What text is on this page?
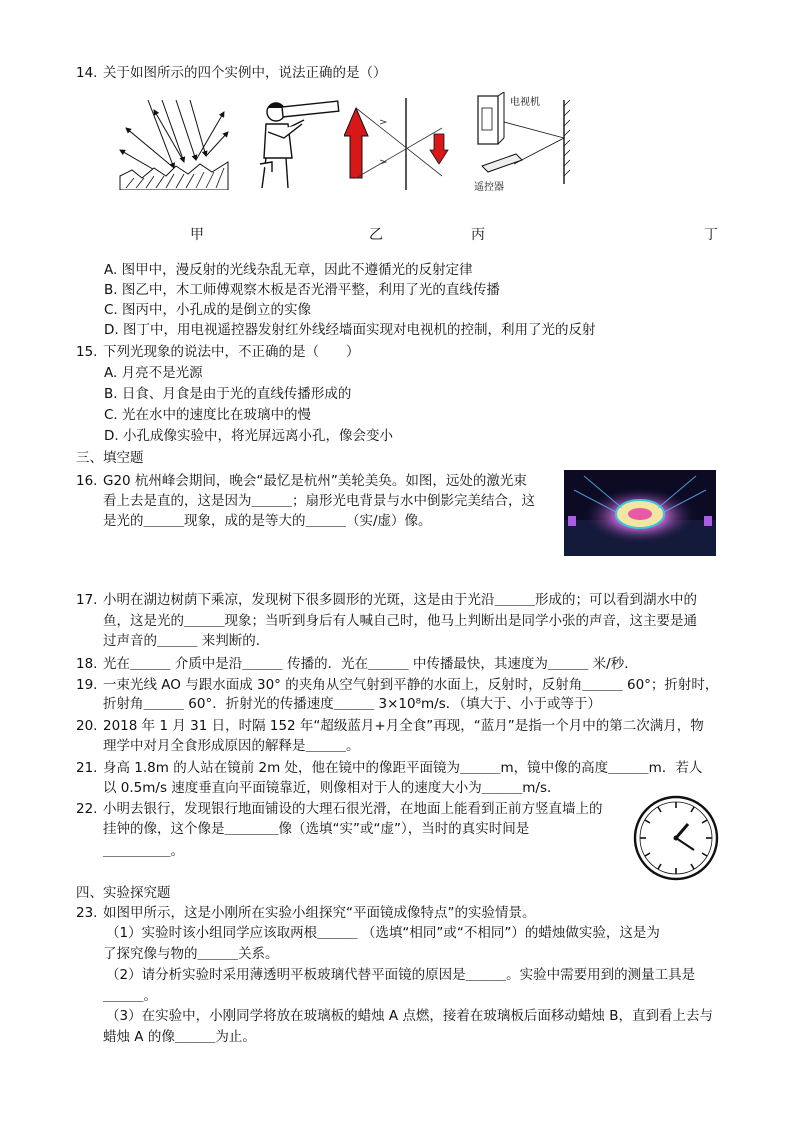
14. 关于如图所示的四个实例中，说法正确的是（）
电视机
遥控器
甲	乙	丙	丁
A. 图甲中，漫反射的光线杂乱无章，因此不遵循光的反射定律
B. 图乙中，木工师傅观察木板是否光滑平整，利用了光的直线传播
C. 图丙中，小孔成的是倒立的实像
D. 图丁中，用电视遥控器发射红外线经墙面实现对电视机的控制，利用了光的反射
15. 下列光现象的说法中，不正确的是（　　）
A. 月亮不是光源
B. 日食、月食是由于光的直线传播形成的
C. 光在水中的速度比在玻璃中的慢
D. 小孔成像实验中，将光屏远离小孔，像会变小
三、填空题
16. G20 杭州峰会期间，晚会“最忆是杭州”美轮美奂。如图，远处的激光束
看上去是直的，这是因为＿＿＿；扇形光电背景与水中倒影完美结合，这
是光的＿＿＿现象，成的是等大的＿＿＿（实/虚）像。
17. 小明在湖边树荫下乘凉，发现树下很多圆形的光斑，这是由于光沿＿＿＿形成的；可以看到湖水中的
鱼，这是光的＿＿＿现象；当听到身后有人喊自己时，他马上判断出是同学小张的声音，这主要是通
过声音的＿＿＿ 来判断的.
18. 光在＿＿＿ 介质中是沿＿＿＿ 传播的．光在＿＿＿ 中传播最快，其速度为＿＿＿ 米/秒．
19. 一束光线 AO 与跟水面成 30° 的夹角从空气射到平静的水面上，反射时，反射角＿＿＿ 60°；折射时，
折射角＿＿＿ 60°．折射光的传播速度＿＿＿ 3×10⁸m/s．（填大于、小于或等于）
20. 2018 年 1 月 31 日，时隔 152 年“超级蓝月+月全食”再现，“蓝月”是指一个月中的第二次满月，物
理学中对月全食形成原因的解释是＿＿＿。
21. 身高 1.8m 的人站在镜前 2m 处，他在镜中的像距平面镜为＿＿＿m，镜中像的高度＿＿＿m．若人
以 0.5m/s 速度垂直向平面镜靠近，则像相对于人的速度大小为＿＿＿m/s．
22. 小明去银行，发现银行地面铺设的大理石很光滑，在地面上能看到正前方竖直墙上的
挂钟的像，这个像是＿＿＿＿像（选填“实”或“虚”），当时的真实时间是
＿＿＿＿＿。
四、实验探究题
23. 如图甲所示，这是小刚所在实验小组探究“平面镜成像特点”的实验情景。
（1）实验时该小组同学应该取两根＿＿＿ （选填“相同”或“不相同”）的蜡烛做实验，这是为
了探究像与物的＿＿＿关系。
（2）请分析实验时采用薄透明平板玻璃代替平面镜的原因是＿＿＿。实验中需要用到的测量工具是
＿＿＿。
（3）在实验中，小刚同学将放在玻璃板的蜡烛 A 点燃，接着在玻璃板后面移动蜡烛 B，直到看上去与
蜡烛 A 的像＿＿＿为止。
